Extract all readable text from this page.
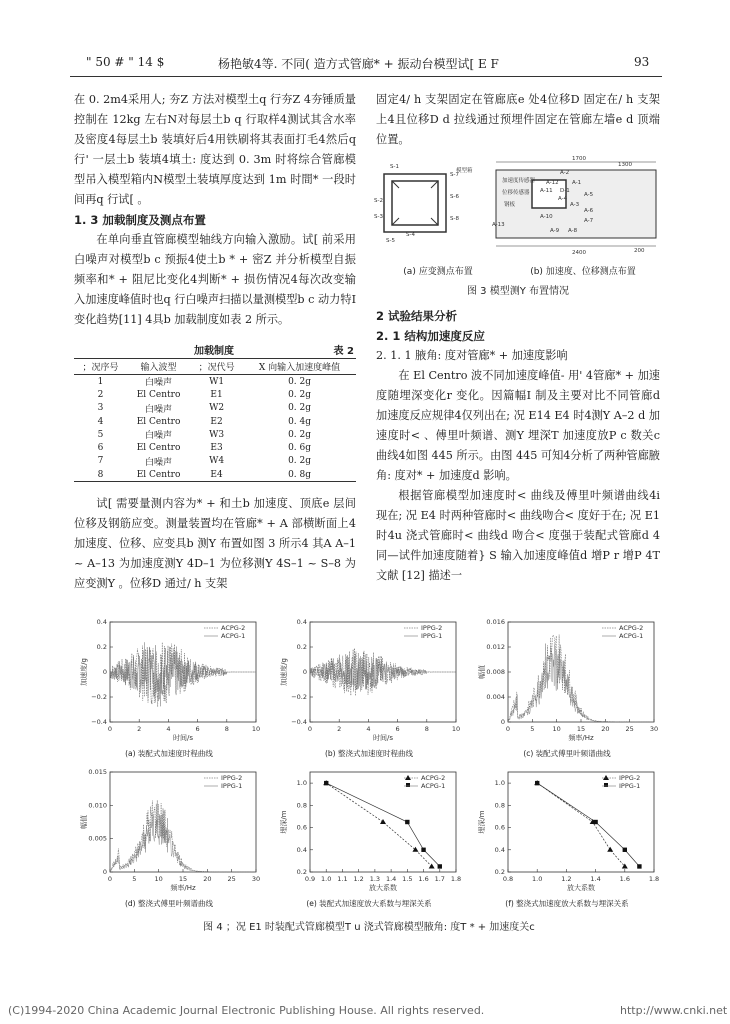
" 50 # " 14 $	杨艳敏4等. 不同( 造方式管廊* + 振动台模型试[ E F	93

在 0. 2m4采用人; 夯Z 方法对模型土q 行夯Z 4夯锤质量控制在 12kg 左右N对每层土b q 行取样4测试其含水率及密度4每层土b 装填好后4用铁刷将其表面打毛4然后q 行' 一层土b 装填4填土: 度达到 0. 3m 时将综合管廊模型吊入模型箱内N模型土装填厚度达到 1m 时間* 一段时间再q 行试[ 。

1. 3 加载制度及测点布置

在单向垂直管廊模型轴线方向输入激励。试[ 前采用白噪声对模型b c 预振4使土b * + 密Z 并分析模型自振频率和* + 阻尼比变化4判断* + 损伤情况4每次改变输入加速度峰值时也q 行白噪声扫描以量测模型b c 动力特I 变化趋势[11] 4具b 加载制度如表 2 所示。

加载制度	表 2
；况序号	输入波型	；况代号	X 向输入加速度峰值
1	白噪声	W1	0. 2g
2	El Centro	E1	0. 2g
3	白噪声	W2	0. 2g
4	El Centro	E2	0. 4g
5	白噪声	W3	0. 2g
6	El Centro	E3	0. 6g
7	白噪声	W4	0. 2g
8	El Centro	E4	0. 8g

试[ 需要量测内容为* + 和土b 加速度、顶底e 层间位移及钢筋应变。测量装置均在管廊* + A 部横断面上4加速度、位移、应变具b 测Y 布置如图 3 所示4 其A A–1 ~ A–13 为加速度测Y 4D–1 为位移测Y 4S–1 ~ S–8 为应变测Y 。位移D 通过/ h 支架

固定4/ h 支架固定在管廊底e 处4位移D 固定在/ h 支架上4且位移D d 拉线通过预埋件固定在管廊左墙e d 顶端位置。

S-1
S-2
S-3
S-4
S-5
S-6
S-7
S-8
模型箱
加速度传感器
位移传感器
钢板
A-1
A-2
A-3
A-4
A-5
A-6
A-7
A-8
A-9
A-10
A-11
A-12
A-13
D-1
1700
2400
1300
200
(a) 应变测点布置	(b) 加速度、位移测点布置
图 3 模型测Y 布置情况
2 试验结果分析
2. 1 结构加速度反应

2. 1. 1 腋角: 度对管廊* + 加速度影响

在 El Centro 波不同加速度峰值- 用' 4管廊* + 加速度随埋深变化r 变化。因篇幅I 制及主要对比不同管廊d 加速度反应规律4仅列出在; 况 E14 E4 时4测Y A–2 d 加速度时< 、傅里叶频谱、测Y 埋深T 加速度放P c 数关c 曲线4如图 445 所示。由图 445 可知4分析了两种管廊腋角: 度对* + 加速度d 影响。

根据管廊模型加速度时< 曲线及傅里叶频谱曲线4i 现在; 况 E4 时两种管廊时< 曲线吻合< 度好于在; 况 E1 时4u 浇式管廊时< 曲线d 吻合< 度强于装配式管廊d 4同—试件加速度随着} S 输入加速度峰值d 增P r 增P 4T 文献 [12] 描述一

0	2	4	6	8	10
−0.4
−0.2
0
0.2
0.4
时间/s
加速度/g
ACPG-2
ACPG-1
(a) 装配式加速度时程曲线
0	2	4	6	8	10
−0.4
−0.2
0
0.2
0.4
时间/s
加速度/g
IPPG-2
IPPG-1
(b) 整浇式加速度时程曲线
0	5	10 15 20 25 30
0
0.004
0.008
0.012
0.016
频率/Hz
幅值
ACPG-2
ACPG-1
(c) 装配式傅里叶频谱曲线
0	5	10 15 20 25 30
0
0.005
0.010
0.015
频率/Hz
幅值
IPPG-2
IPPG-1
(d) 整浇式傅里叶频谱曲线
0.9 1.0 1.1 1.2 1.3 1.4 1.5 1.6 1.7 1.8
0.2
0.4
0.6
0.8
1.0
放大系数
埋深/m
ACPG-2
ACPG-1
(e) 装配式加速度放大系数与埋深关系
0.8	1.0	1.2	1.4	1.6	1.8
0.2
0.4
0.6
0.8
1.0
放大系数
埋深/m
IPPG-2
IPPG-1
(f) 整浇式加速度放大系数与埋深关系
图 4 ；况 E1 时装配式管廊模型T u 浇式管廊模型腋角: 度T * + 加速度关c
(C)1994-2020 China Academic Journal Electronic Publishing House. All rights reserved.	http://www.cnki.net
